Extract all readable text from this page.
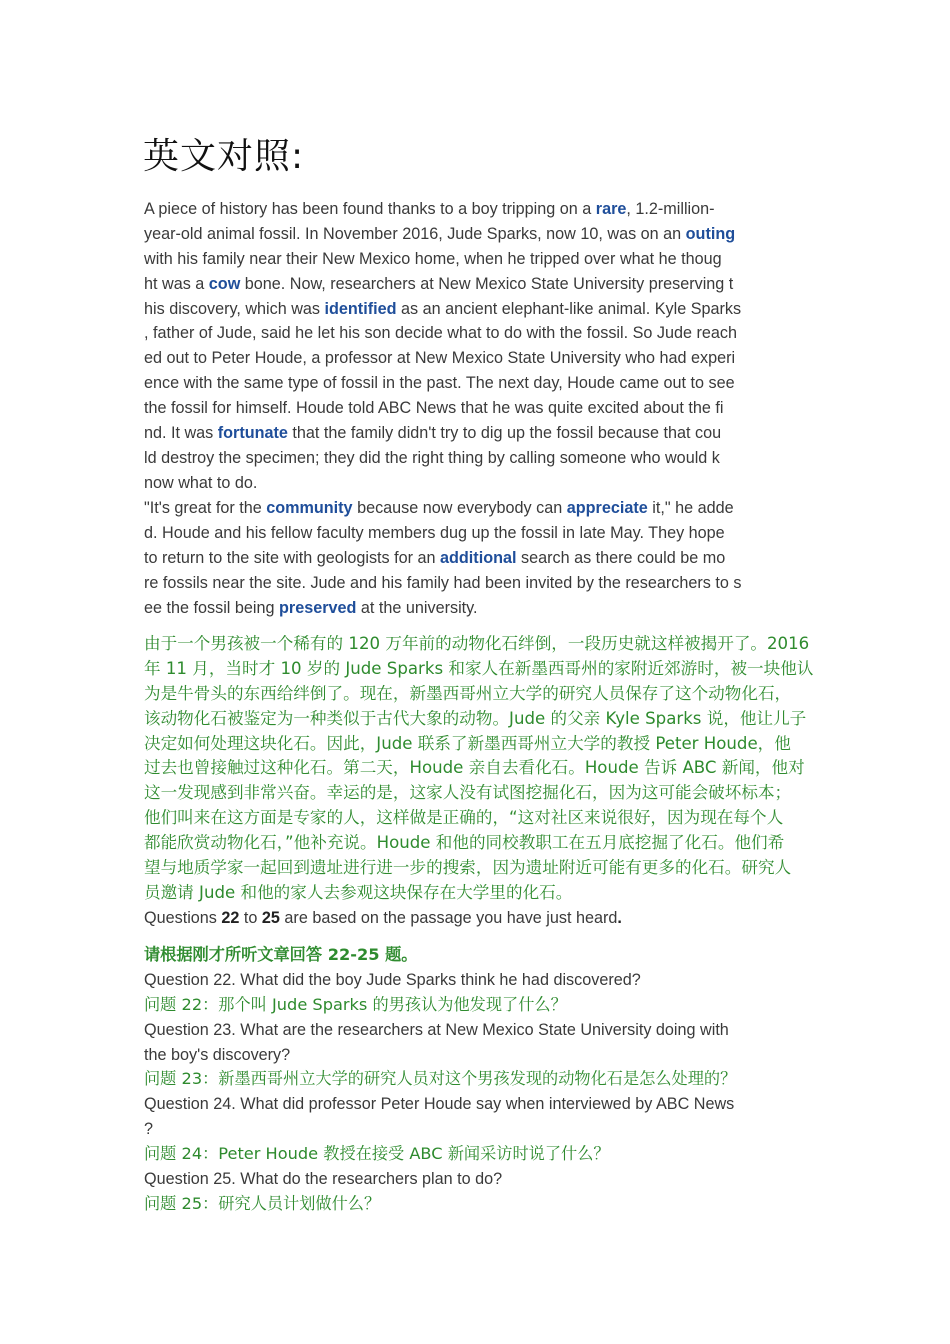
英文对照:
A piece of history has been found thanks to a boy tripping on a rare, 1.2-million-
year-old animal fossil. In November 2016, Jude Sparks, now 10, was on an outing
with his family near their New Mexico home, when he tripped over what he thoug
ht was a cow bone. Now, researchers at New Mexico State University preserving t
his discovery, which was identified as an ancient elephant-like animal. Kyle Sparks
, father of Jude, said he let his son decide what to do with the fossil. So Jude reach
ed out to Peter Houde, a professor at New Mexico State University who had experi
ence with the same type of fossil in the past. The next day, Houde came out to see
the fossil for himself. Houde told ABC News that he was quite excited about the fi
nd. It was fortunate that the family didn't try to dig up the fossil because that cou
ld destroy the specimen; they did the right thing by calling someone who would k
now what to do.
"It's great for the community because now everybody can appreciate it," he adde
d. Houde and his fellow faculty members dug up the fossil in late May. They hope
to return to the site with geologists for an additional search as there could be mo
re fossils near the site. Jude and his family had been invited by the researchers to s
ee the fossil being preserved at the university.
由于一个男孩被一个稀有的 120 万年前的动物化石绊倒，一段历史就这样被揭开了。2016
年 11 月，当时才 10 岁的 Jude Sparks 和家人在新墨西哥州的家附近郊游时，被一块他认
为是牛骨头的东西给绊倒了。现在，新墨西哥州立大学的研究人员保存了这个动物化石，
该动物化石被鉴定为一种类似于古代大象的动物。Jude 的父亲 Kyle Sparks 说，他让儿子
决定如何处理这块化石。因此，Jude 联系了新墨西哥州立大学的教授 Peter Houde，他
过去也曾接触过这种化石。第二天，Houde 亲自去看化石。Houde 告诉 ABC 新闻，他对
这一发现感到非常兴奋。幸运的是，这家人没有试图挖掘化石，因为这可能会破坏标本；
他们叫来在这方面是专家的人，这样做是正确的，“这对社区来说很好，因为现在每个人
都能欣赏动物化石，”他补充说。Houde 和他的同校教职工在五月底挖掘了化石。他们希
望与地质学家一起回到遗址进行进一步的搜索，因为遗址附近可能有更多的化石。研究人
员邀请 Jude 和他的家人去参观这块保存在大学里的化石。
Questions 22 to 25 are based on the passage you have just heard.
请根据刚才所听文章回答 22-25 题。
Question 22. What did the boy Jude Sparks think he had discovered?
问题 22：那个叫 Jude Sparks 的男孩认为他发现了什么？
Question 23. What are the researchers at New Mexico State University doing with
the boy's discovery?
问题 23：新墨西哥州立大学的研究人员对这个男孩发现的动物化石是怎么处理的？
Question 24. What did professor Peter Houde say when interviewed by ABC News
?
问题 24：Peter Houde 教授在接受 ABC 新闻采访时说了什么？
Question 25. What do the researchers plan to do?
问题 25：研究人员计划做什么？
